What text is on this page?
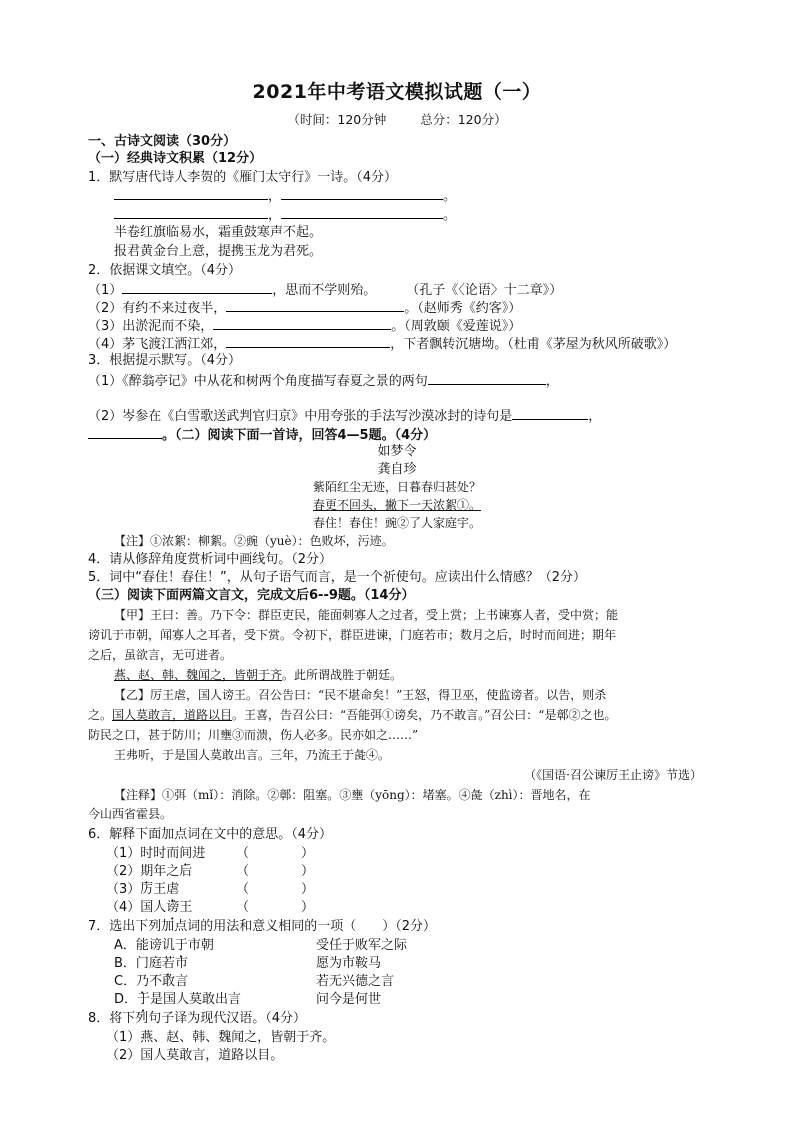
2021年中考语文模拟试题（一）
（时间：120分钟	总分：120分）
一、古诗文阅读（30分）
（一）经典诗文积累（12分）
1．默写唐代诗人李贺的《雁门太守行》一诗。（4分）
，	。
，	。
半卷红旗临易水，霜重鼓寒声不起。
报君黄金台上意，提携玉龙为君死。
2．依据课文填空。（4分）
（1）	，思而不学则殆。 （孔子《〈论语〉十二章》）
（2）有约不来过夜半，	。（赵师秀《约客》）
（3）出淤泥而不染，	。（周敦颐《爱莲说》）
（4）茅飞渡江洒江郊，	，下者飘转沉塘坳。（杜甫《茅屋为秋风所破歌》）
3．根据提示默写。（4分）
（1）《醉翁亭记》中从花和树两个角度描写春夏之景的两句	，
（2）岑参在《白雪歌送武判官归京》中用夸张的手法写沙漠冰封的诗句是	，
。（二）阅读下面一首诗，回答4—5题。（4分）
如梦令
龚自珍
紫陌红尘无迹，日暮春归甚处？
春更不回头，撇下一天浓絮①。
春住！春住！豌②了人家庭宇。
【注】①浓絮：柳絮。②豌（yuè）：色败坏，污迹。
4．请从修辞角度赏析词中画线句。（2分）
5．词中“春住！春住！”，从句子语气而言，是一个祈使句。应读出什么情感？（2分）
（三）阅读下面两篇文言文，完成文后6--9题。（14分）
【甲】王曰：善。乃下令：群臣吏民，能面刺寡人之过者，受上赏；上书谏寡人者，受中赏；能
谤讥于市朝，闻寡人之耳者，受下赏。令初下，群臣进谏，门庭若市；数月之后，时时而间进；期年
之后，虽欲言，无可进者。
燕、赵、韩、魏闻之，皆朝于齐。此所谓战胜于朝廷。
【乙】厉王虐，国人谤王。召公告曰：“民不堪命矣！”王怒，得卫巫，使监谤者。以告，则杀
之。国人莫敢言，道路以目。王喜，告召公曰：“吾能弭①谤矣，乃不敢言。”召公曰：“是鄣②之也。
防民之口，甚于防川；川壅③而溃，伤人必多。民亦如之……”
王弗听，于是国人莫敢出言。三年，乃流王于彘④。
（《国语·召公谏厉王止谤》节选）
【注释】①弭（mǐ）：消除。②鄣：阻塞。③壅（yōng）：堵塞。④彘（zhì）：晋地名，在
今山西省霍县。
6．解释下面加点词在文中的意思。（4分）
（1）时时而间进 （　　　　）
（2）期年之后	（　　　　）
（3）厉王虐	（　　　　）
（4）国人谤王	（　　　　）
7．选出下列加点词的用法和意义相同的一项（　　）（2分）
A．能谤讥于市朝	受任于败军之际
B．门庭若市	愿为市鞍马
C．乃不敢言	若无兴德之言
D．于是国人莫敢出言	问今是何世
8．将下列句子译为现代汉语。（4分）
（1）燕、赵、韩、魏闻之，皆朝于齐。
（2）国人莫敢言，道路以目。
